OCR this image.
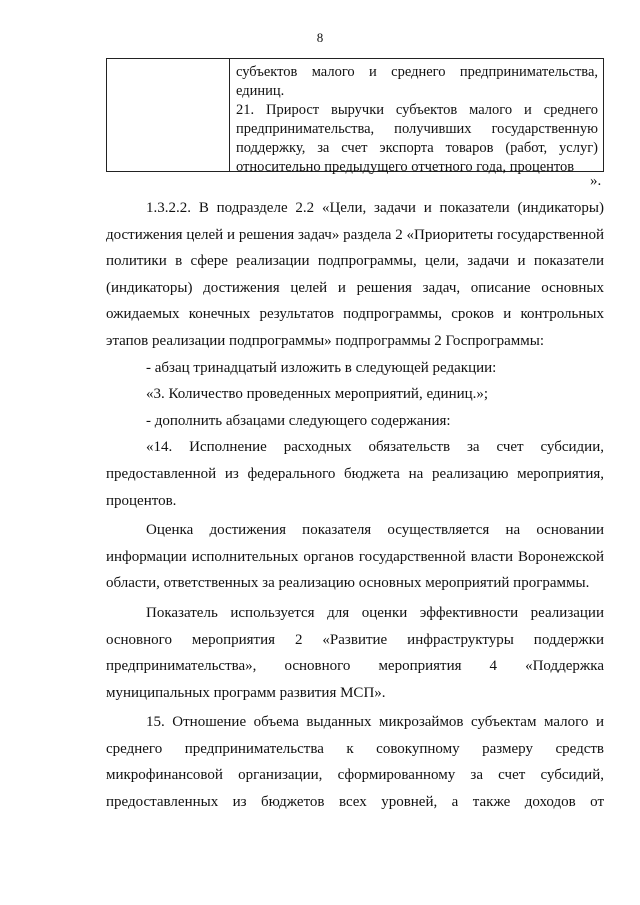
8

субъектов малого и среднего предпринимательства, единиц.

21. Прирост выручки субъектов малого и среднего предпринимательства, получивших государственную поддержку, за счет экспорта товаров (работ, услуг) относительно предыдущего отчетного года, процентов

».

1.3.2.2. В подразделе 2.2 «Цели, задачи и показатели (индикаторы) достижения целей и решения задач» раздела 2 «Приоритеты государственной политики в сфере реализации подпрограммы, цели, задачи и показатели (индикаторы) достижения целей и решения задач, описание основных ожидаемых конечных результатов подпрограммы, сроков и контрольных этапов реализации подпрограммы» подпрограммы 2 Госпрограммы:

- абзац тринадцатый изложить в следующей редакции:

«3. Количество проведенных мероприятий, единиц.»;

- дополнить абзацами следующего содержания:

«14. Исполнение расходных обязательств за счет субсидии, предоставленной из федерального бюджета на реализацию мероприятия, процентов.

Оценка достижения показателя осуществляется на основании информации исполнительных органов государственной власти Воронежской области, ответственных за реализацию основных мероприятий программы.

Показатель используется для оценки эффективности реализации основного мероприятия 2 «Развитие инфраструктуры поддержки предпринимательства», основного мероприятия 4 «Поддержка муниципальных программ развития МСП».

15. Отношение объема выданных микрозаймов субъектам малого и среднего предпринимательства к совокупному размеру средств микрофинансовой организации, сформированному за счет субсидий, предоставленных из бюджетов всех уровней, а также доходов от
